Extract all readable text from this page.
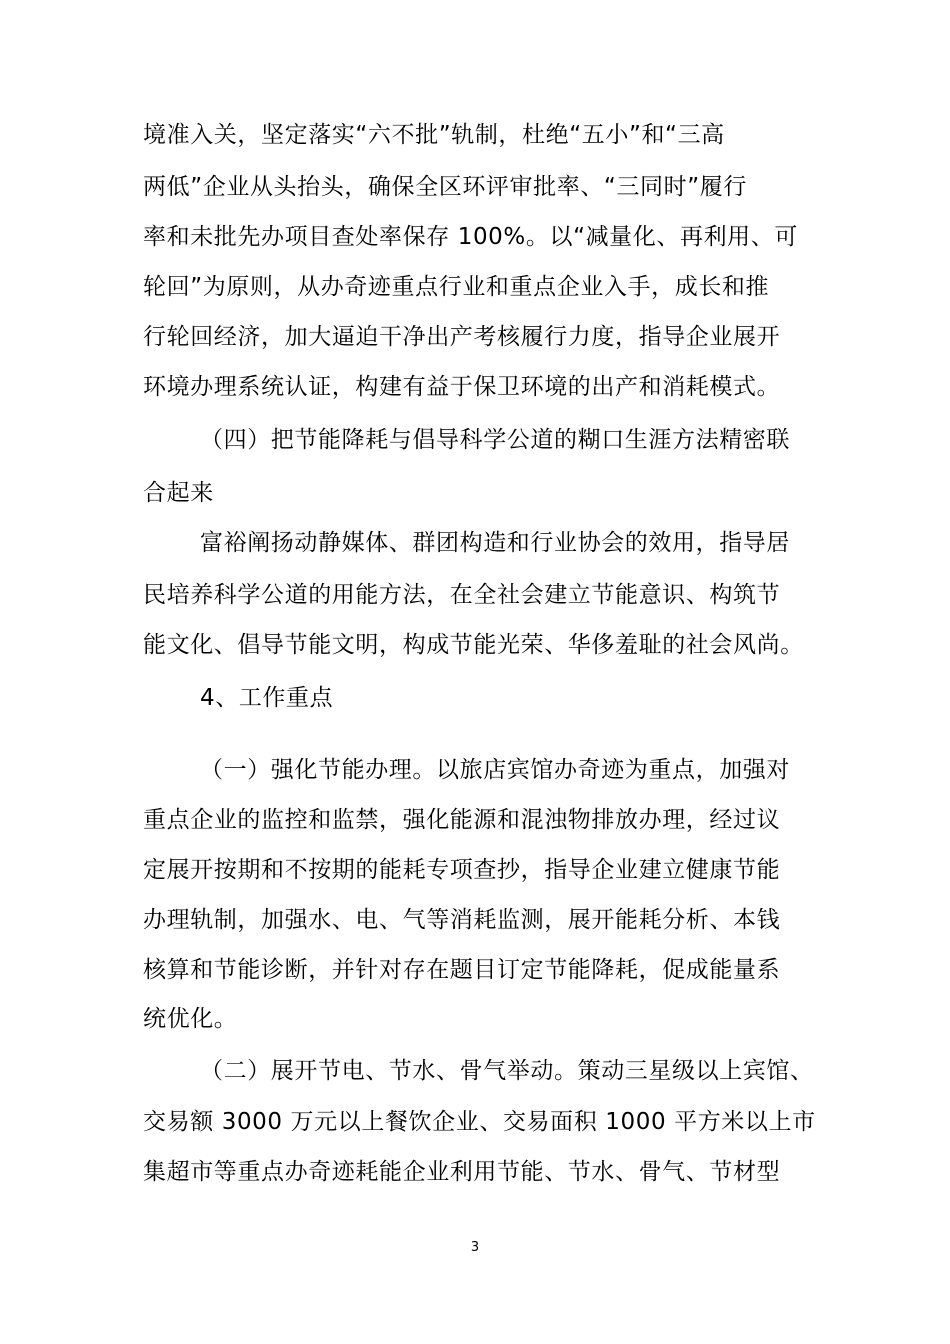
境准入关，坚定落实“六不批”轨制，杜绝“五小”和“三高
两低”企业从头抬头，确保全区环评审批率、“三同时”履行
率和未批先办项目查处率保存 100%。以“减量化、再利用、可
轮回”为原则，从办奇迹重点行业和重点企业入手，成长和推
行轮回经济，加大逼迫干净出产考核履行力度，指导企业展开
环境办理系统认证，构建有益于保卫环境的出产和消耗模式。
（四）把节能降耗与倡导科学公道的糊口生涯方法精密联
合起来
富裕阐扬动静媒体、群团构造和行业协会的效用，指导居
民培养科学公道的用能方法，在全社会建立节能意识、构筑节
能文化、倡导节能文明，构成节能光荣、华侈羞耻的社会风尚。
4、工作重点
（一）强化节能办理。以旅店宾馆办奇迹为重点，加强对
重点企业的监控和监禁，强化能源和混浊物排放办理，经过议
定展开按期和不按期的能耗专项查抄，指导企业建立健康节能
办理轨制，加强水、电、气等消耗监测，展开能耗分析、本钱
核算和节能诊断，并针对存在题目订定节能降耗，促成能量系
统优化。
（二）展开节电、节水、骨气举动。策动三星级以上宾馆、
交易额 3000 万元以上餐饮企业、交易面积 1000 平方米以上市
集超市等重点办奇迹耗能企业利用节能、节水、骨气、节材型
3
